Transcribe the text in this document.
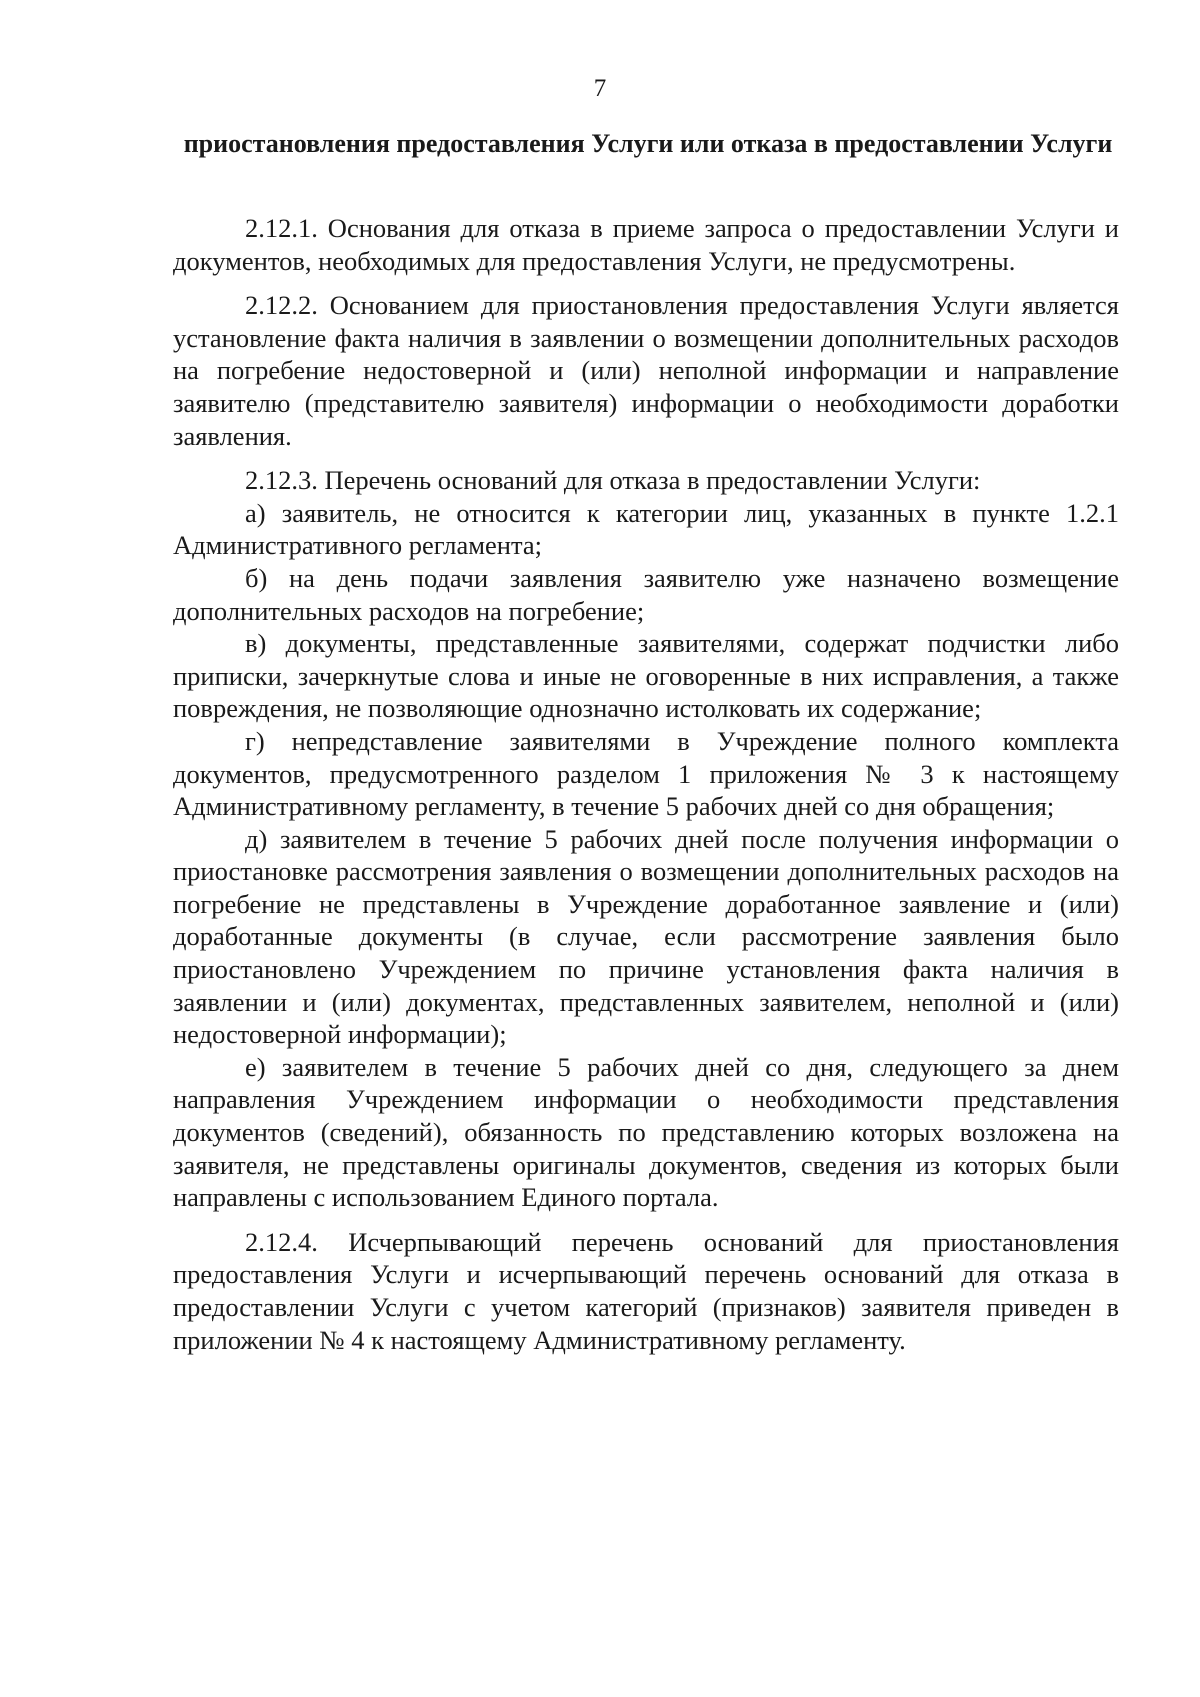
7
приостановления предоставления Услуги или отказа в предоставлении Услуги

2.12.1. Основания для отказа в приеме запроса о предоставлении Услуги и документов, необходимых для предоставления Услуги, не предусмотрены.

2.12.2. Основанием для приостановления предоставления Услуги является установление факта наличия в заявлении о возмещении дополнительных расходов на погребение недостоверной и (или) неполной информации и направление заявителю (представителю заявителя) информации о необходимости доработки заявления.

2.12.3. Перечень оснований для отказа в предоставлении Услуги:

а) заявитель, не относится к категории лиц, указанных в пункте 1.2.1 Административного регламента;

б) на день подачи заявления заявителю уже назначено возмещение дополнительных расходов на погребение;

в) документы, представленные заявителями, содержат подчистки либо приписки, зачеркнутые слова и иные не оговоренные в них исправления, а также повреждения, не позволяющие однозначно истолковать их содержание;

г) непредставление заявителями в Учреждение полного комплекта документов, предусмотренного разделом 1 приложения № 3 к настоящему Административному регламенту, в течение 5 рабочих дней со дня обращения;

д) заявителем в течение 5 рабочих дней после получения информации о приостановке рассмотрения заявления о возмещении дополнительных расходов на погребение не представлены в Учреждение доработанное заявление и (или) доработанные документы (в случае, если рассмотрение заявления было приостановлено Учреждением по причине установления факта наличия в заявлении и (или) документах, представленных заявителем, неполной и (или) недостоверной информации);

е) заявителем в течение 5 рабочих дней со дня, следующего за днем направления Учреждением информации о необходимости представления документов (сведений), обязанность по представлению которых возложена на заявителя, не представлены оригиналы документов, сведения из которых были направлены с использованием Единого портала.

2.12.4. Исчерпывающий перечень оснований для приостановления предоставления Услуги и исчерпывающий перечень оснований для отказа в предоставлении Услуги с учетом категорий (признаков) заявителя приведен в приложении № 4 к настоящему Административному регламенту.
